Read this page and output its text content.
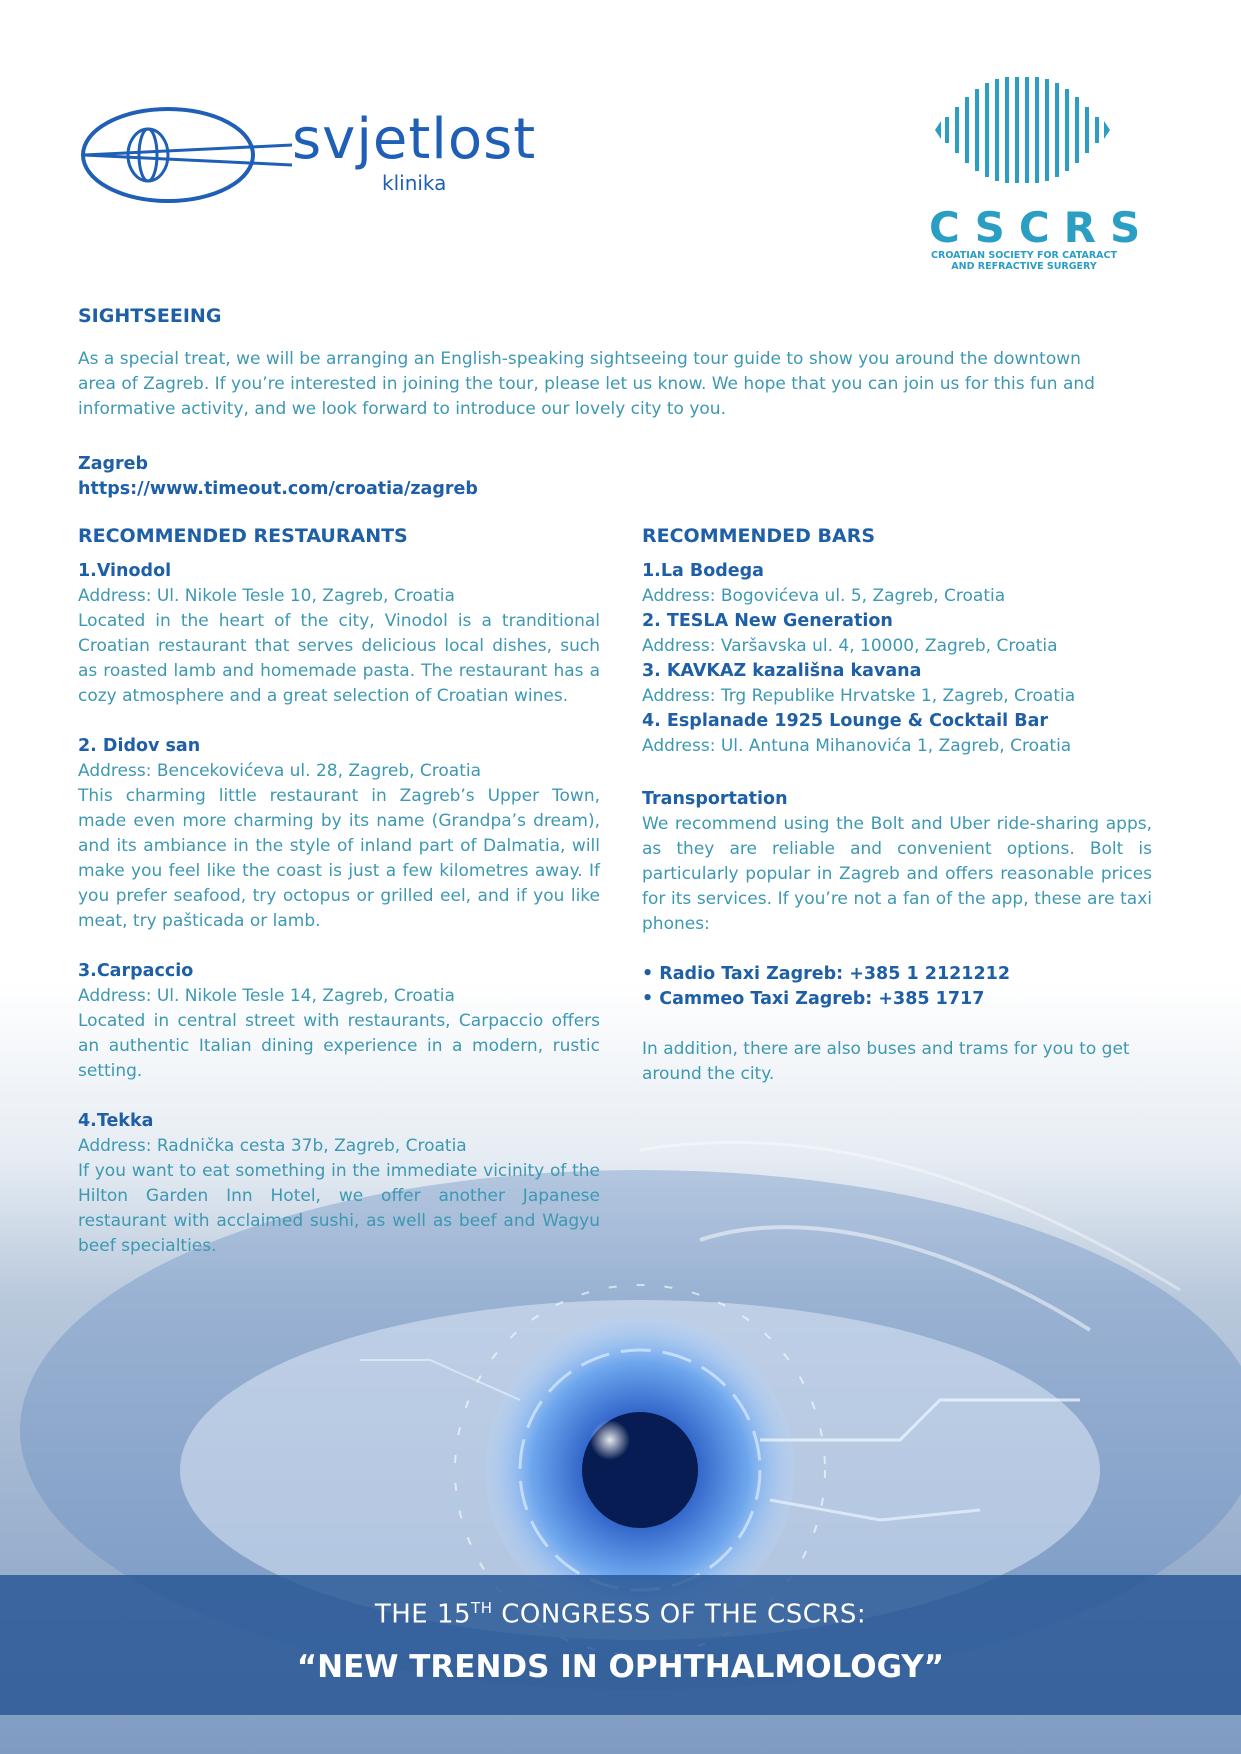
svjetlost
klinika
CSCRS
CROATIAN SOCIETY FOR CATARACT
AND REFRACTIVE SURGERY
SIGHTSEEING

As a special treat, we will be arranging an English-speaking sightseeing tour guide to show you around the downtown area of Zagreb. If you’re interested in joining the tour, please let us know. We hope that you can join us for this fun and informative activity, and we look forward to introduce our lovely city to you.

Zagreb

https://www.timeout.com/croatia/zagreb

RECOMMENDED RESTAURANTS

1.Vinodol

Address: Ul. Nikole Tesle 10, Zagreb, Croatia

Located in the heart of the city, Vinodol is a tranditional Croatian restaurant that serves delicious local dishes, such as roasted lamb and homemade pasta. The restaurant has a cozy atmosphere and a great selection of Croatian wines.

2. Didov san

Address: Bencekovićeva ul. 28, Zagreb, Croatia

This charming little restaurant in Zagreb’s Upper Town, made even more charming by its name (Grandpa’s dream), and its ambiance in the style of inland part of Dalmatia, will make you feel like the coast is just a few kilometres away. If you prefer seafood, try octopus or grilled eel, and if you like meat, try pašticada or lamb.

3.Carpaccio

Address: Ul. Nikole Tesle 14, Zagreb, Croatia

Located in central street with restaurants, Carpaccio offers an authentic Italian dining experience in a modern, rustic setting.

4.Tekka

Address: Radnička cesta 37b, Zagreb, Croatia

If you want to eat something in the immediate vicinity of the Hilton Garden Inn Hotel, we offer another Japanese restaurant with acclaimed sushi, as well as beef and Wagyu beef specialties.

RECOMMENDED BARS

1.La Bodega

Address: Bogovićeva ul. 5, Zagreb, Croatia

2. TESLA New Generation

Address: Varšavska ul. 4, 10000, Zagreb, Croatia

3. KAVKAZ kazališna kavana

Address: Trg Republike Hrvatske 1, Zagreb, Croatia

4. Esplanade 1925 Lounge & Cocktail Bar

Address: Ul. Antuna Mihanovića 1, Zagreb, Croatia

Transportation

We recommend using the Bolt and Uber ride-sharing apps, as they are reliable and convenient options. Bolt is particularly popular in Zagreb and offers reasonable prices for its services. If you’re not a fan of the app, these are taxi phones:

• Radio Taxi Zagreb: +385 1 2121212

• Cammeo Taxi Zagreb: +385 1717

In addition, there are also buses and trams for you to get around the city.

THE 15TH CONGRESS OF THE CSCRS:
“NEW TRENDS IN OPHTHALMOLOGY”
